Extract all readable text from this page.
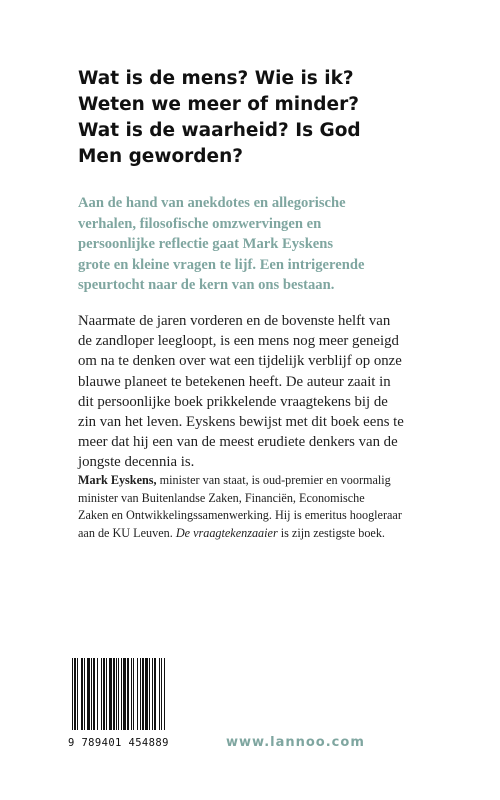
Wat is de mens? Wie is ik?
Weten we meer of minder?
Wat is de waarheid? Is God
Men geworden?

Aan de hand van anekdotes en allegorische
verhalen, filosofische omzwervingen en
persoonlijke reflectie gaat Mark Eyskens
grote en kleine vragen te lijf. Een intrigerende
speurtocht naar de kern van ons bestaan.

Naarmate de jaren vorderen en de bovenste helft van
de zandloper leegloopt, is een mens nog meer geneigd
om na te denken over wat een tijdelijk verblijf op onze
blauwe planeet te betekenen heeft. De auteur zaait in
dit persoonlijke boek prikkelende vraagtekens bij de
zin van het leven. Eyskens bewijst met dit boek eens te
meer dat hij een van de meest erudiete denkers van de
jongste decennia is.

Mark Eyskens, minister van staat, is oud-premier en voormalig
minister van Buitenlandse Zaken, Financiën, Economische
Zaken en Ontwikkelingssamenwerking. Hij is emeritus hoogleraar
aan de KU Leuven. De vraagtekenzaaier is zijn zestigste boek.

9 789401 454889	www.lannoo.com
